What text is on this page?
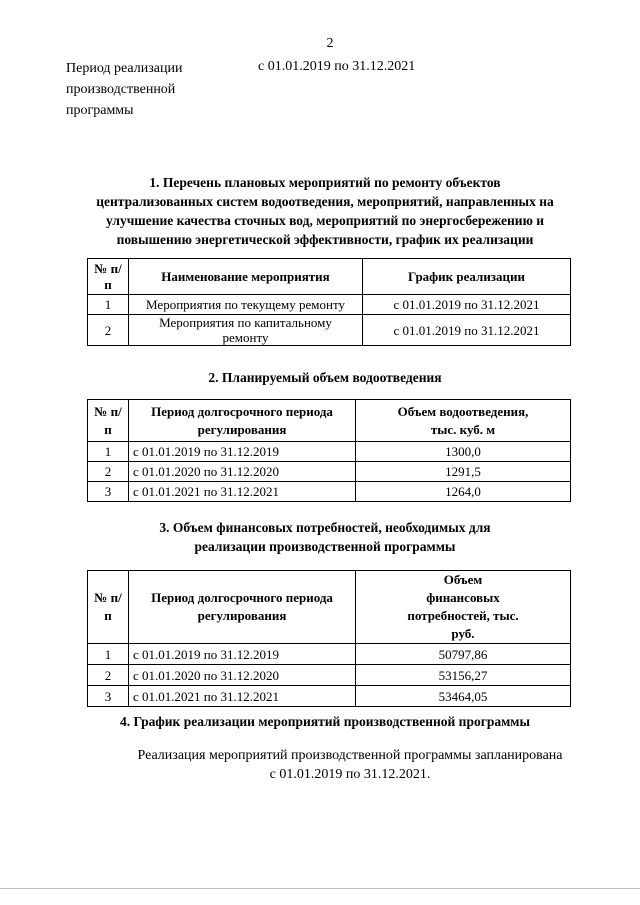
2
Период реализации
производственной
программы
с 01.01.2019 по 31.12.2021
1. Перечень плановых мероприятий по ремонту объектов
централизованных систем водоотведения, мероприятий, направленных на
улучшение качества сточных вод, мероприятий по энергосбережению и
повышению энергетической эффективности, график их реализации
№ п/п	Наименование мероприятия	График реализации
1	Мероприятия по текущему ремонту	с 01.01.2019 по 31.12.2021
2	Мероприятия по капитальному ремонту	с 01.01.2019 по 31.12.2021
2. Планируемый объем водоотведения
№ п/п	Период долгосрочного периода регулирования	Объем водоотведения, тыс. куб. м
1	с 01.01.2019 по 31.12.2019	1300,0
2	с 01.01.2020 по 31.12.2020	1291,5
3	с 01.01.2021 по 31.12.2021	1264,0
3. Объем финансовых потребностей, необходимых для
реализации производственной программы
№ п/п	Период долгосрочного периода регулирования	Объем финансовых потребностей, тыс. руб.
1	с 01.01.2019 по 31.12.2019	50797,86
2	с 01.01.2020 по 31.12.2020	53156,27
3	с 01.01.2021 по 31.12.2021	53464,05
4. График реализации мероприятий производственной программы
Реализация мероприятий производственной программы запланирована
с 01.01.2019 по 31.12.2021.
